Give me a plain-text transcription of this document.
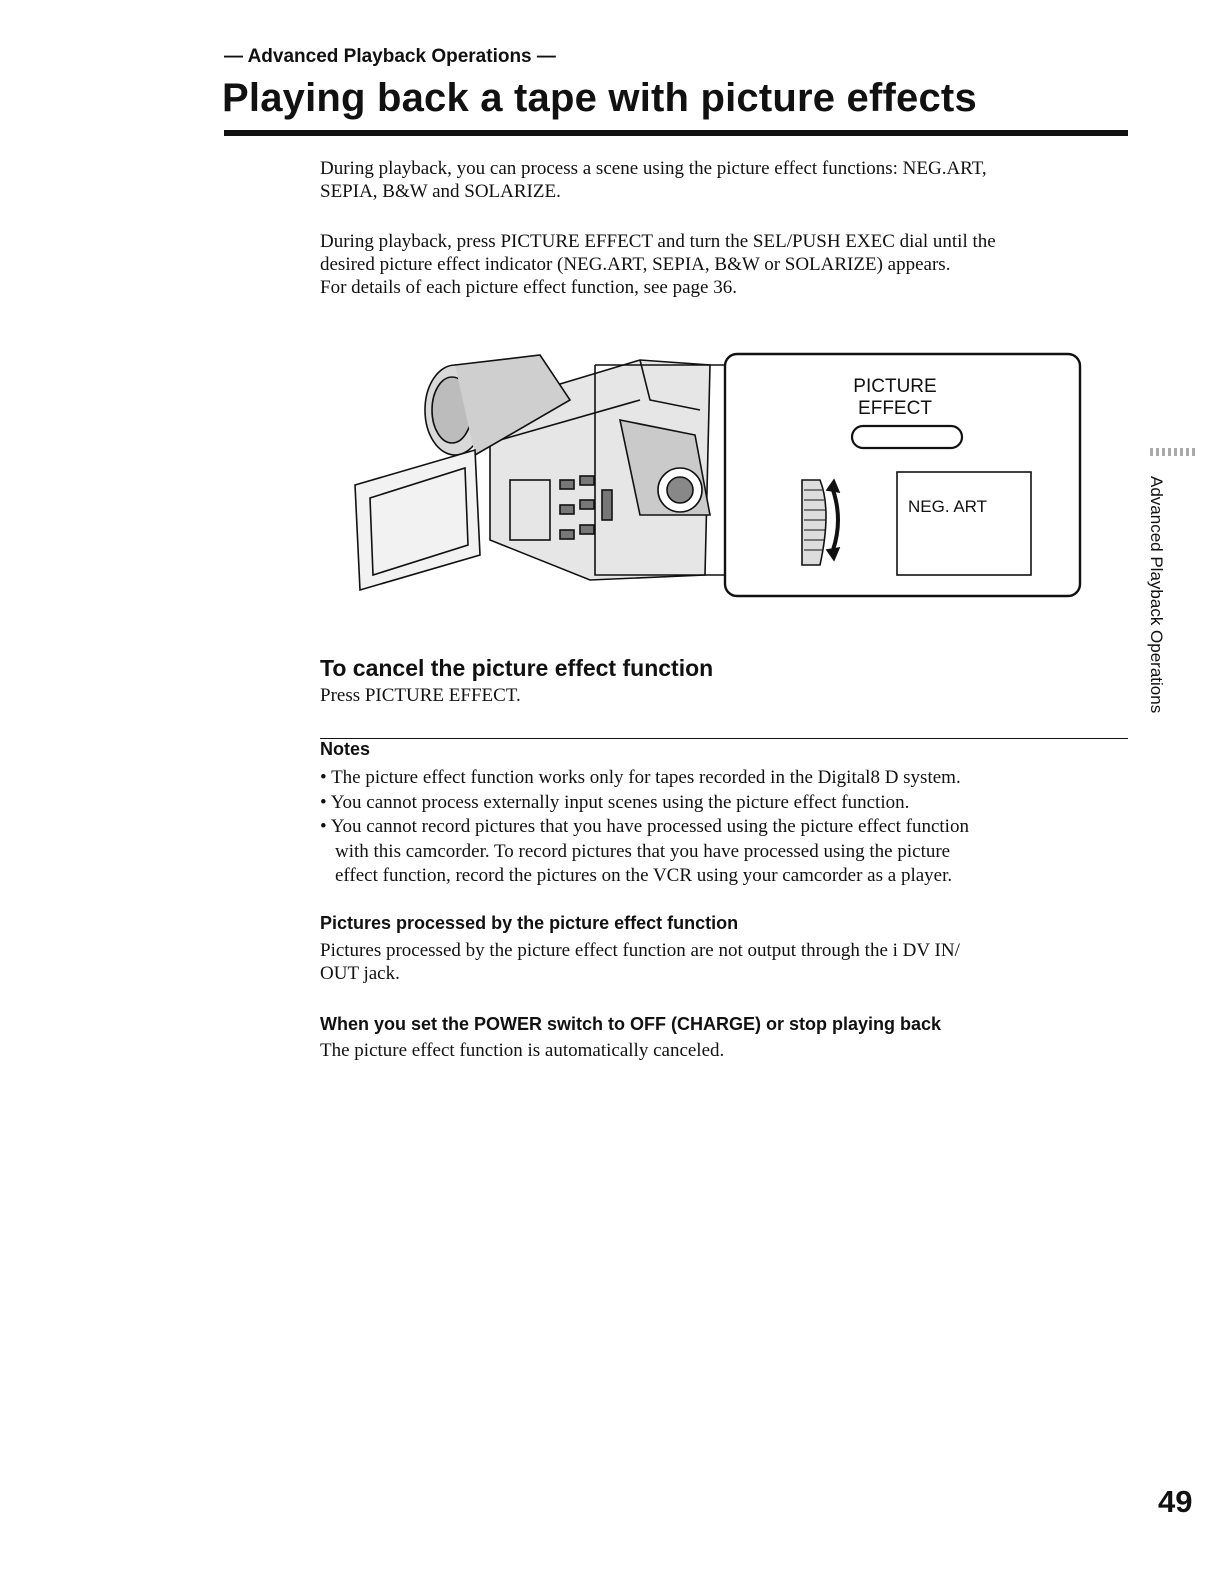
— Advanced Playback Operations —
Playing back a tape with picture effects

During playback, you can process a scene using the picture effect functions: NEG.ART,
SEPIA, B&W and SOLARIZE.

During playback, press PICTURE EFFECT and turn the SEL/PUSH EXEC dial until the
desired picture effect indicator (NEG.ART, SEPIA, B&W or SOLARIZE) appears.
For details of each picture effect function, see page 36.

PICTURE
EFFECT
NEG. ART
To cancel the picture effect function

Press PICTURE EFFECT.

Notes
• The picture effect function works only for tapes recorded in the Digital8 D system.
• You cannot process externally input scenes using the picture effect function.
• You cannot record pictures that you have processed using the picture effect function
with this camcorder. To record pictures that you have processed using the picture
effect function, record the pictures on the VCR using your camcorder as a player.
Pictures processed by the picture effect function

Pictures processed by the picture effect function are not output through the i DV IN/
OUT jack.

When you set the POWER switch to OFF (CHARGE) or stop playing back

The picture effect function is automatically canceled.

Advanced Playback Operations
49
